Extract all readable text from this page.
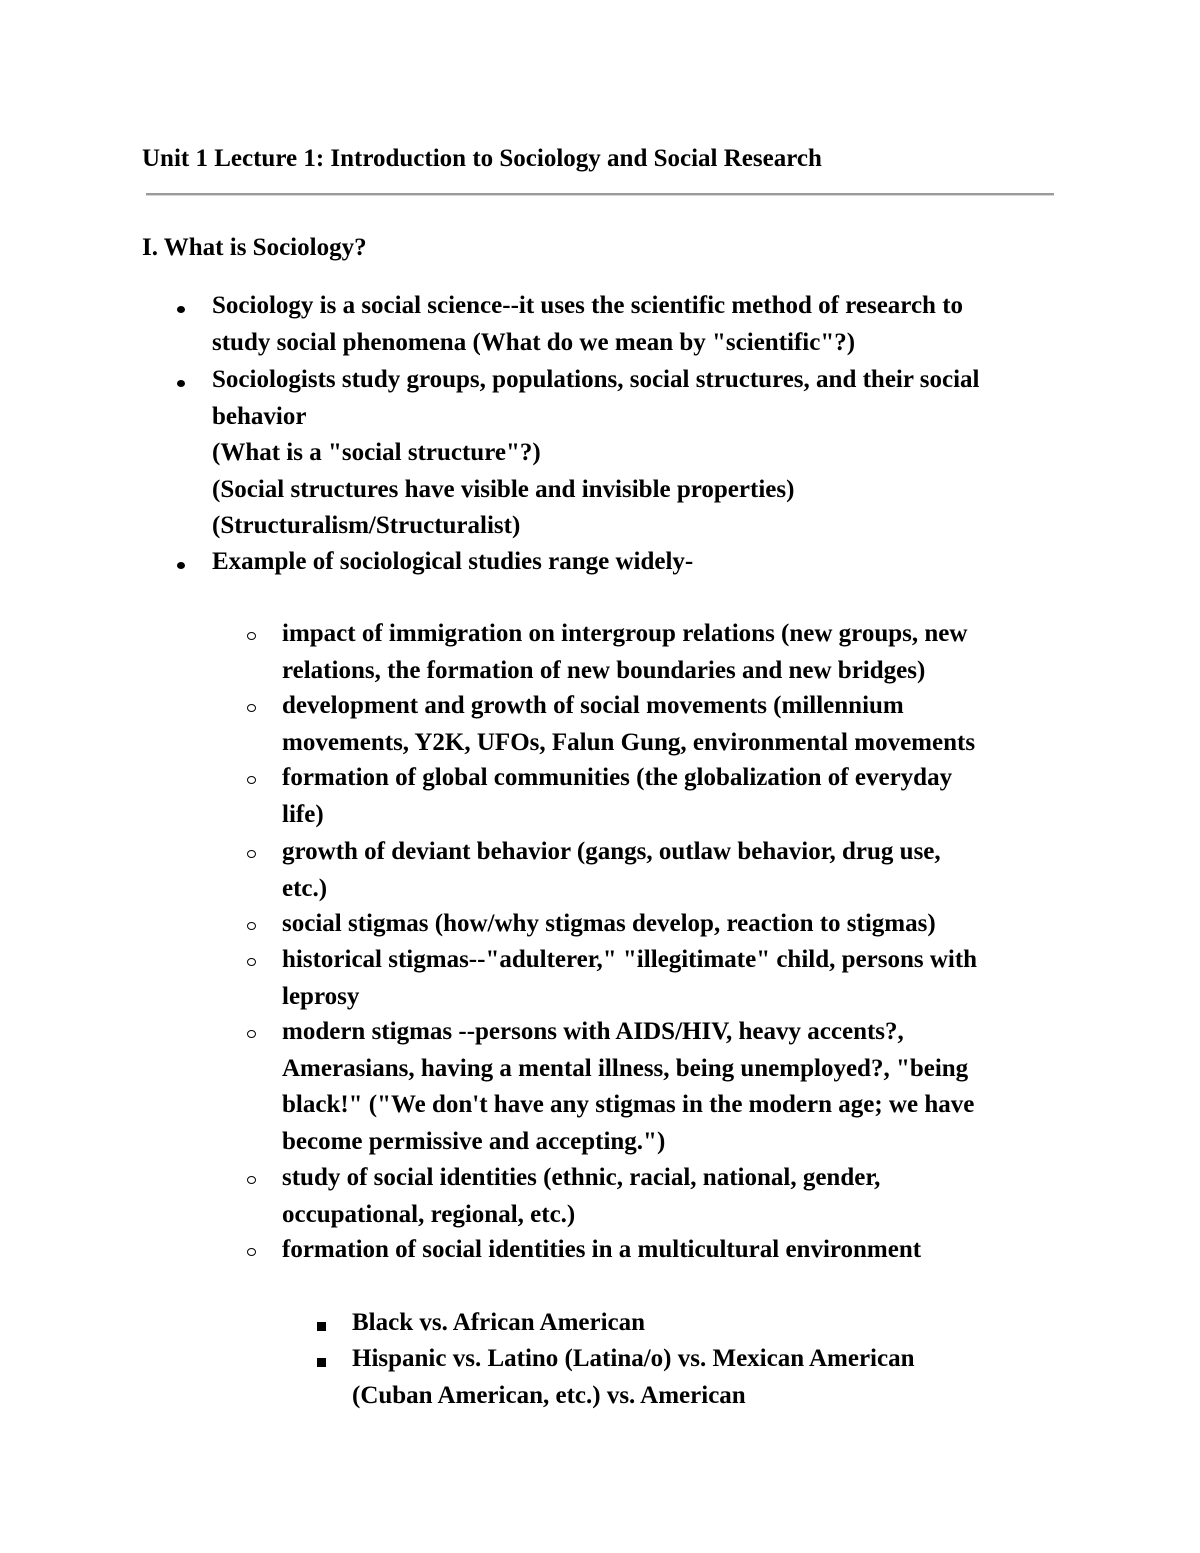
Unit 1 Lecture 1: Introduction to Sociology and Social Research
I. What is Sociology?
Sociology is a social science--it uses the scientific method of research to
study social phenomena (What do we mean by "scientific"?)
Sociologists study groups, populations, social structures, and their social
behavior
(What is a "social structure"?)
(Social structures have visible and invisible properties)
(Structuralism/Structuralist)
Example of sociological studies range widely-
impact of immigration on intergroup relations (new groups, new
relations, the formation of new boundaries and new bridges)
development and growth of social movements (millennium
movements, Y2K, UFOs, Falun Gung, environmental movements
formation of global communities (the globalization of everyday
life)
growth of deviant behavior (gangs, outlaw behavior, drug use,
etc.)
social stigmas (how/why stigmas develop, reaction to stigmas)
historical stigmas--"adulterer," "illegitimate" child, persons with
leprosy
modern stigmas --persons with AIDS/HIV, heavy accents?,
Amerasians, having a mental illness, being unemployed?, "being
black!" ("We don't have any stigmas in the modern age; we have
become permissive and accepting.")
study of social identities (ethnic, racial, national, gender,
occupational, regional, etc.)
formation of social identities in a multicultural environment
Black vs. African American
Hispanic vs. Latino (Latina/o) vs. Mexican American
(Cuban American, etc.) vs. American
